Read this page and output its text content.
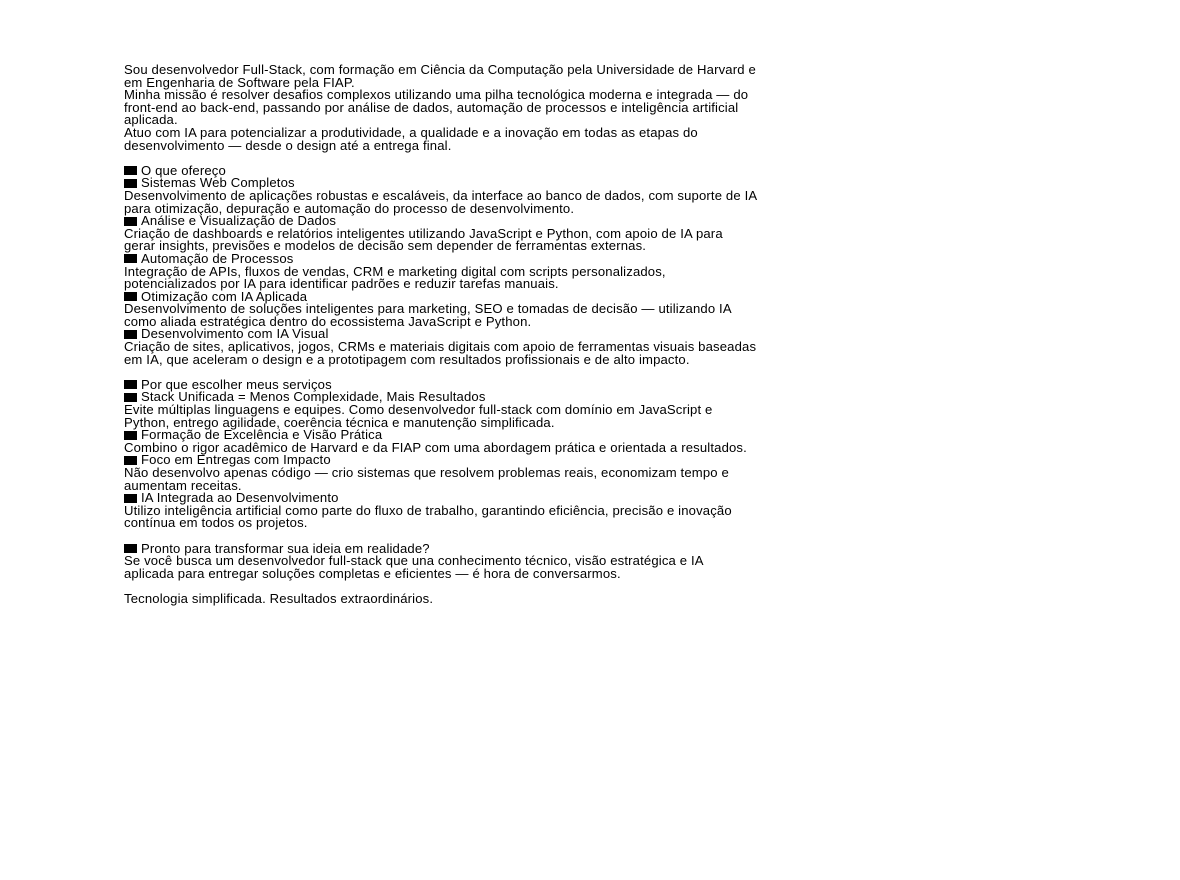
Sou desenvolvedor Full-Stack, com formação em Ciência da Computação pela Universidade de Harvard e
em Engenharia de Software pela FIAP.
Minha missão é resolver desafios complexos utilizando uma pilha tecnológica moderna e integrada — do
front-end ao back-end, passando por análise de dados, automação de processos e inteligência artificial
aplicada.
Atuo com IA para potencializar a produtividade, a qualidade e a inovação em todas as etapas do
desenvolvimento — desde o design até a entrega final.
O que ofereço
Sistemas Web Completos
Desenvolvimento de aplicações robustas e escaláveis, da interface ao banco de dados, com suporte de IA
para otimização, depuração e automação do processo de desenvolvimento.
Análise e Visualização de Dados
Criação de dashboards e relatórios inteligentes utilizando JavaScript e Python, com apoio de IA para
gerar insights, previsões e modelos de decisão sem depender de ferramentas externas.
Automação de Processos
Integração de APIs, fluxos de vendas, CRM e marketing digital com scripts personalizados,
potencializados por IA para identificar padrões e reduzir tarefas manuais.
Otimização com IA Aplicada
Desenvolvimento de soluções inteligentes para marketing, SEO e tomadas de decisão — utilizando IA
como aliada estratégica dentro do ecossistema JavaScript e Python.
Desenvolvimento com IA Visual
Criação de sites, aplicativos, jogos, CRMs e materiais digitais com apoio de ferramentas visuais baseadas
em IA, que aceleram o design e a prototipagem com resultados profissionais e de alto impacto.
Por que escolher meus serviços
Stack Unificada = Menos Complexidade, Mais Resultados
Evite múltiplas linguagens e equipes. Como desenvolvedor full-stack com domínio em JavaScript e
Python, entrego agilidade, coerência técnica e manutenção simplificada.
Formação de Excelência e Visão Prática
Combino o rigor acadêmico de Harvard e da FIAP com uma abordagem prática e orientada a resultados.
Foco em Entregas com Impacto
Não desenvolvo apenas código — crio sistemas que resolvem problemas reais, economizam tempo e
aumentam receitas.
IA Integrada ao Desenvolvimento
Utilizo inteligência artificial como parte do fluxo de trabalho, garantindo eficiência, precisão e inovação
contínua em todos os projetos.
Pronto para transformar sua ideia em realidade?
Se você busca um desenvolvedor full-stack que una conhecimento técnico, visão estratégica e IA
aplicada para entregar soluções completas e eficientes — é hora de conversarmos.
Tecnologia simplificada. Resultados extraordinários.
